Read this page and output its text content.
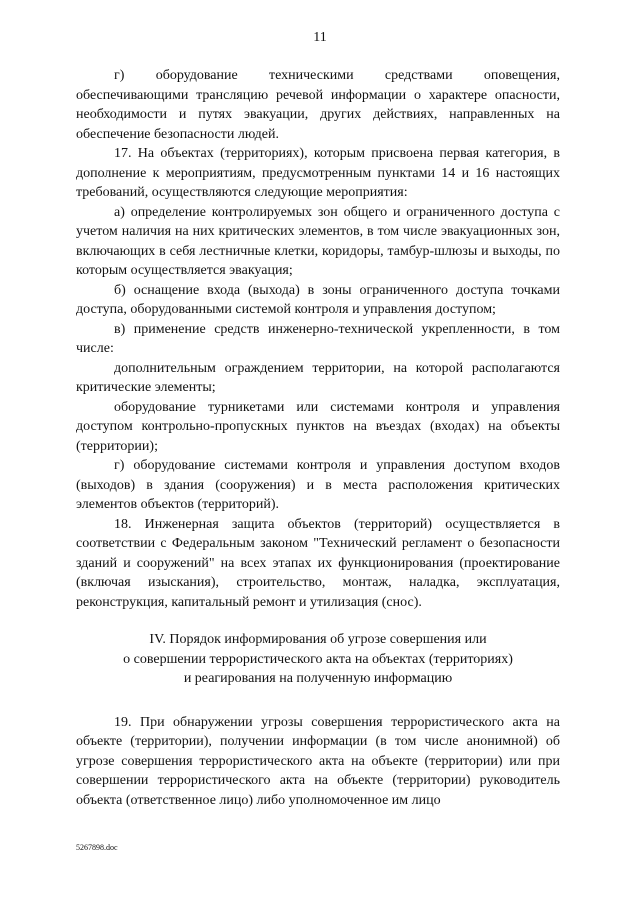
11

г) оборудование техническими средствами оповещения, обеспечивающими трансляцию речевой информации о характере опасности, необходимости и путях эвакуации, других действиях, направленных на обеспечение безопасности людей.

17. На объектах (территориях), которым присвоена первая категория, в дополнение к мероприятиям, предусмотренным пунктами 14 и 16 настоящих требований, осуществляются следующие мероприятия:

а) определение контролируемых зон общего и ограниченного доступа с учетом наличия на них критических элементов, в том числе эвакуационных зон, включающих в себя лестничные клетки, коридоры, тамбур-шлюзы и выходы, по которым осуществляется эвакуация;

б) оснащение входа (выхода) в зоны ограниченного доступа точками доступа, оборудованными системой контроля и управления доступом;

в) применение средств инженерно-технической укрепленности, в том числе:

дополнительным ограждением территории, на которой располагаются критические элементы;

оборудование турникетами или системами контроля и управления доступом контрольно-пропускных пунктов на въездах (входах) на объекты (территории);

г) оборудование системами контроля и управления доступом входов (выходов) в здания (сооружения) и в места расположения критических элементов объектов (территорий).

18. Инженерная защита объектов (территорий) осуществляется в соответствии с Федеральным законом "Технический регламент о безопасности зданий и сооружений" на всех этапах их функционирования (проектирование (включая изыскания), строительство, монтаж, наладка, эксплуатация, реконструкция, капитальный ремонт и утилизация (снос).

IV. Порядок информирования об угрозе совершения или
о совершении террористического акта на объектах (территориях)
и реагирования на полученную информацию

19. При обнаружении угрозы совершения террористического акта на объекте (территории), получении информации (в том числе анонимной) об угрозе совершения террористического акта на объекте (территории) или при совершении террористического акта на объекте (территории) руководитель объекта (ответственное лицо) либо уполномоченное им лицо

5267898.doc
